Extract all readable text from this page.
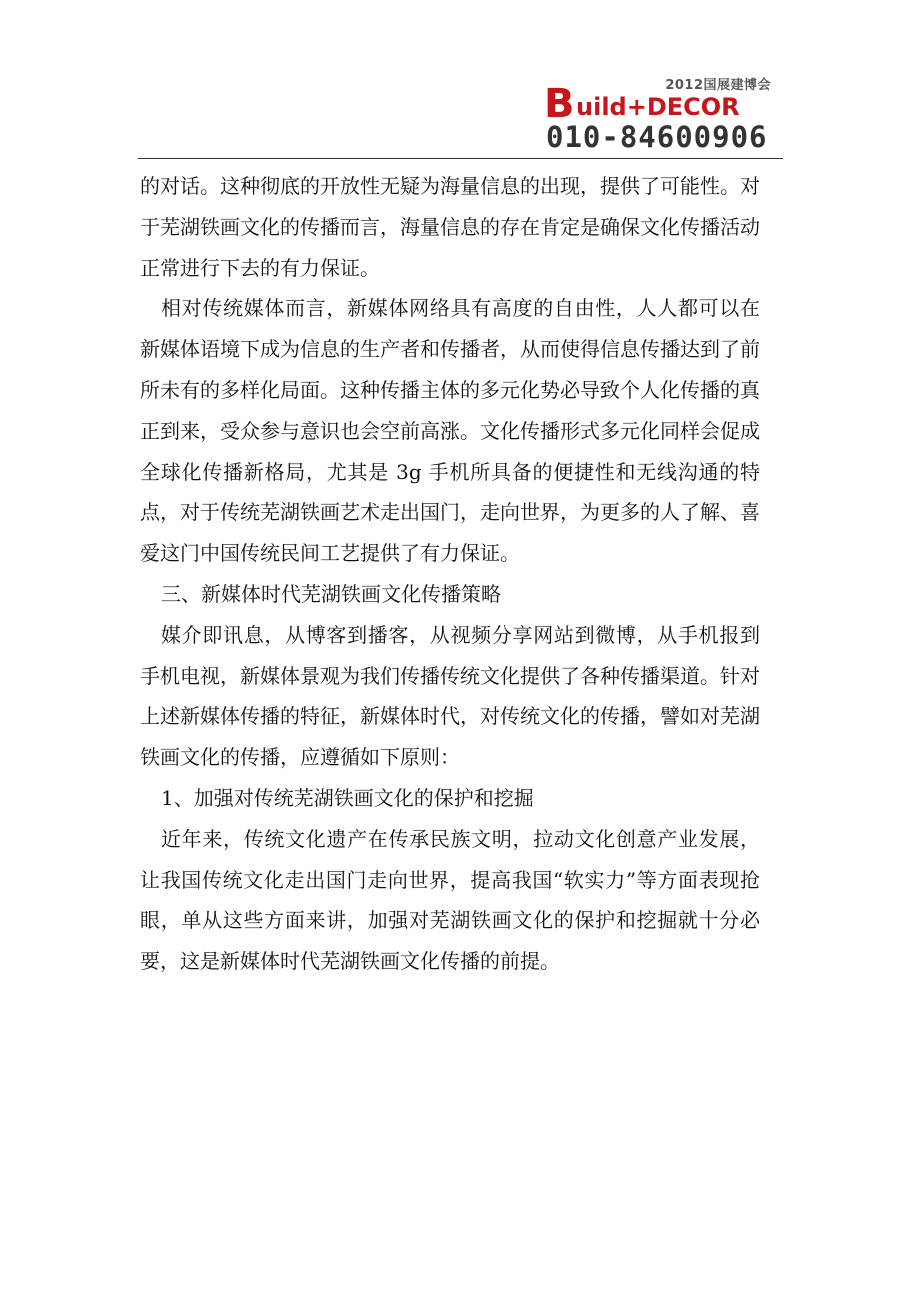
2012国展建博会
B uild+DECOR
010-84600906

的对话。这种彻底的开放性无疑为海量信息的出现，提供了可能性。对于芜湖铁画文化的传播而言，海量信息的存在肯定是确保文化传播活动正常进行下去的有力保证。

相对传统媒体而言，新媒体网络具有高度的自由性，人人都可以在新媒体语境下成为信息的生产者和传播者，从而使得信息传播达到了前所未有的多样化局面。这种传播主体的多元化势必导致个人化传播的真正到来，受众参与意识也会空前高涨。文化传播形式多元化同样会促成全球化传播新格局，尤其是 3g 手机所具备的便捷性和无线沟通的特点，对于传统芜湖铁画艺术走出国门，走向世界，为更多的人了解、喜爱这门中国传统民间工艺提供了有力保证。

三、新媒体时代芜湖铁画文化传播策略

媒介即讯息，从博客到播客，从视频分享网站到微博，从手机报到手机电视，新媒体景观为我们传播传统文化提供了各种传播渠道。针对上述新媒体传播的特征，新媒体时代，对传统文化的传播，譬如对芜湖铁画文化的传播，应遵循如下原则：

1、加强对传统芜湖铁画文化的保护和挖掘

近年来，传统文化遗产在传承民族文明，拉动文化创意产业发展，让我国传统文化走出国门走向世界，提高我国“软实力”等方面表现抢眼，单从这些方面来讲，加强对芜湖铁画文化的保护和挖掘就十分必要，这是新媒体时代芜湖铁画文化传播的前提。
